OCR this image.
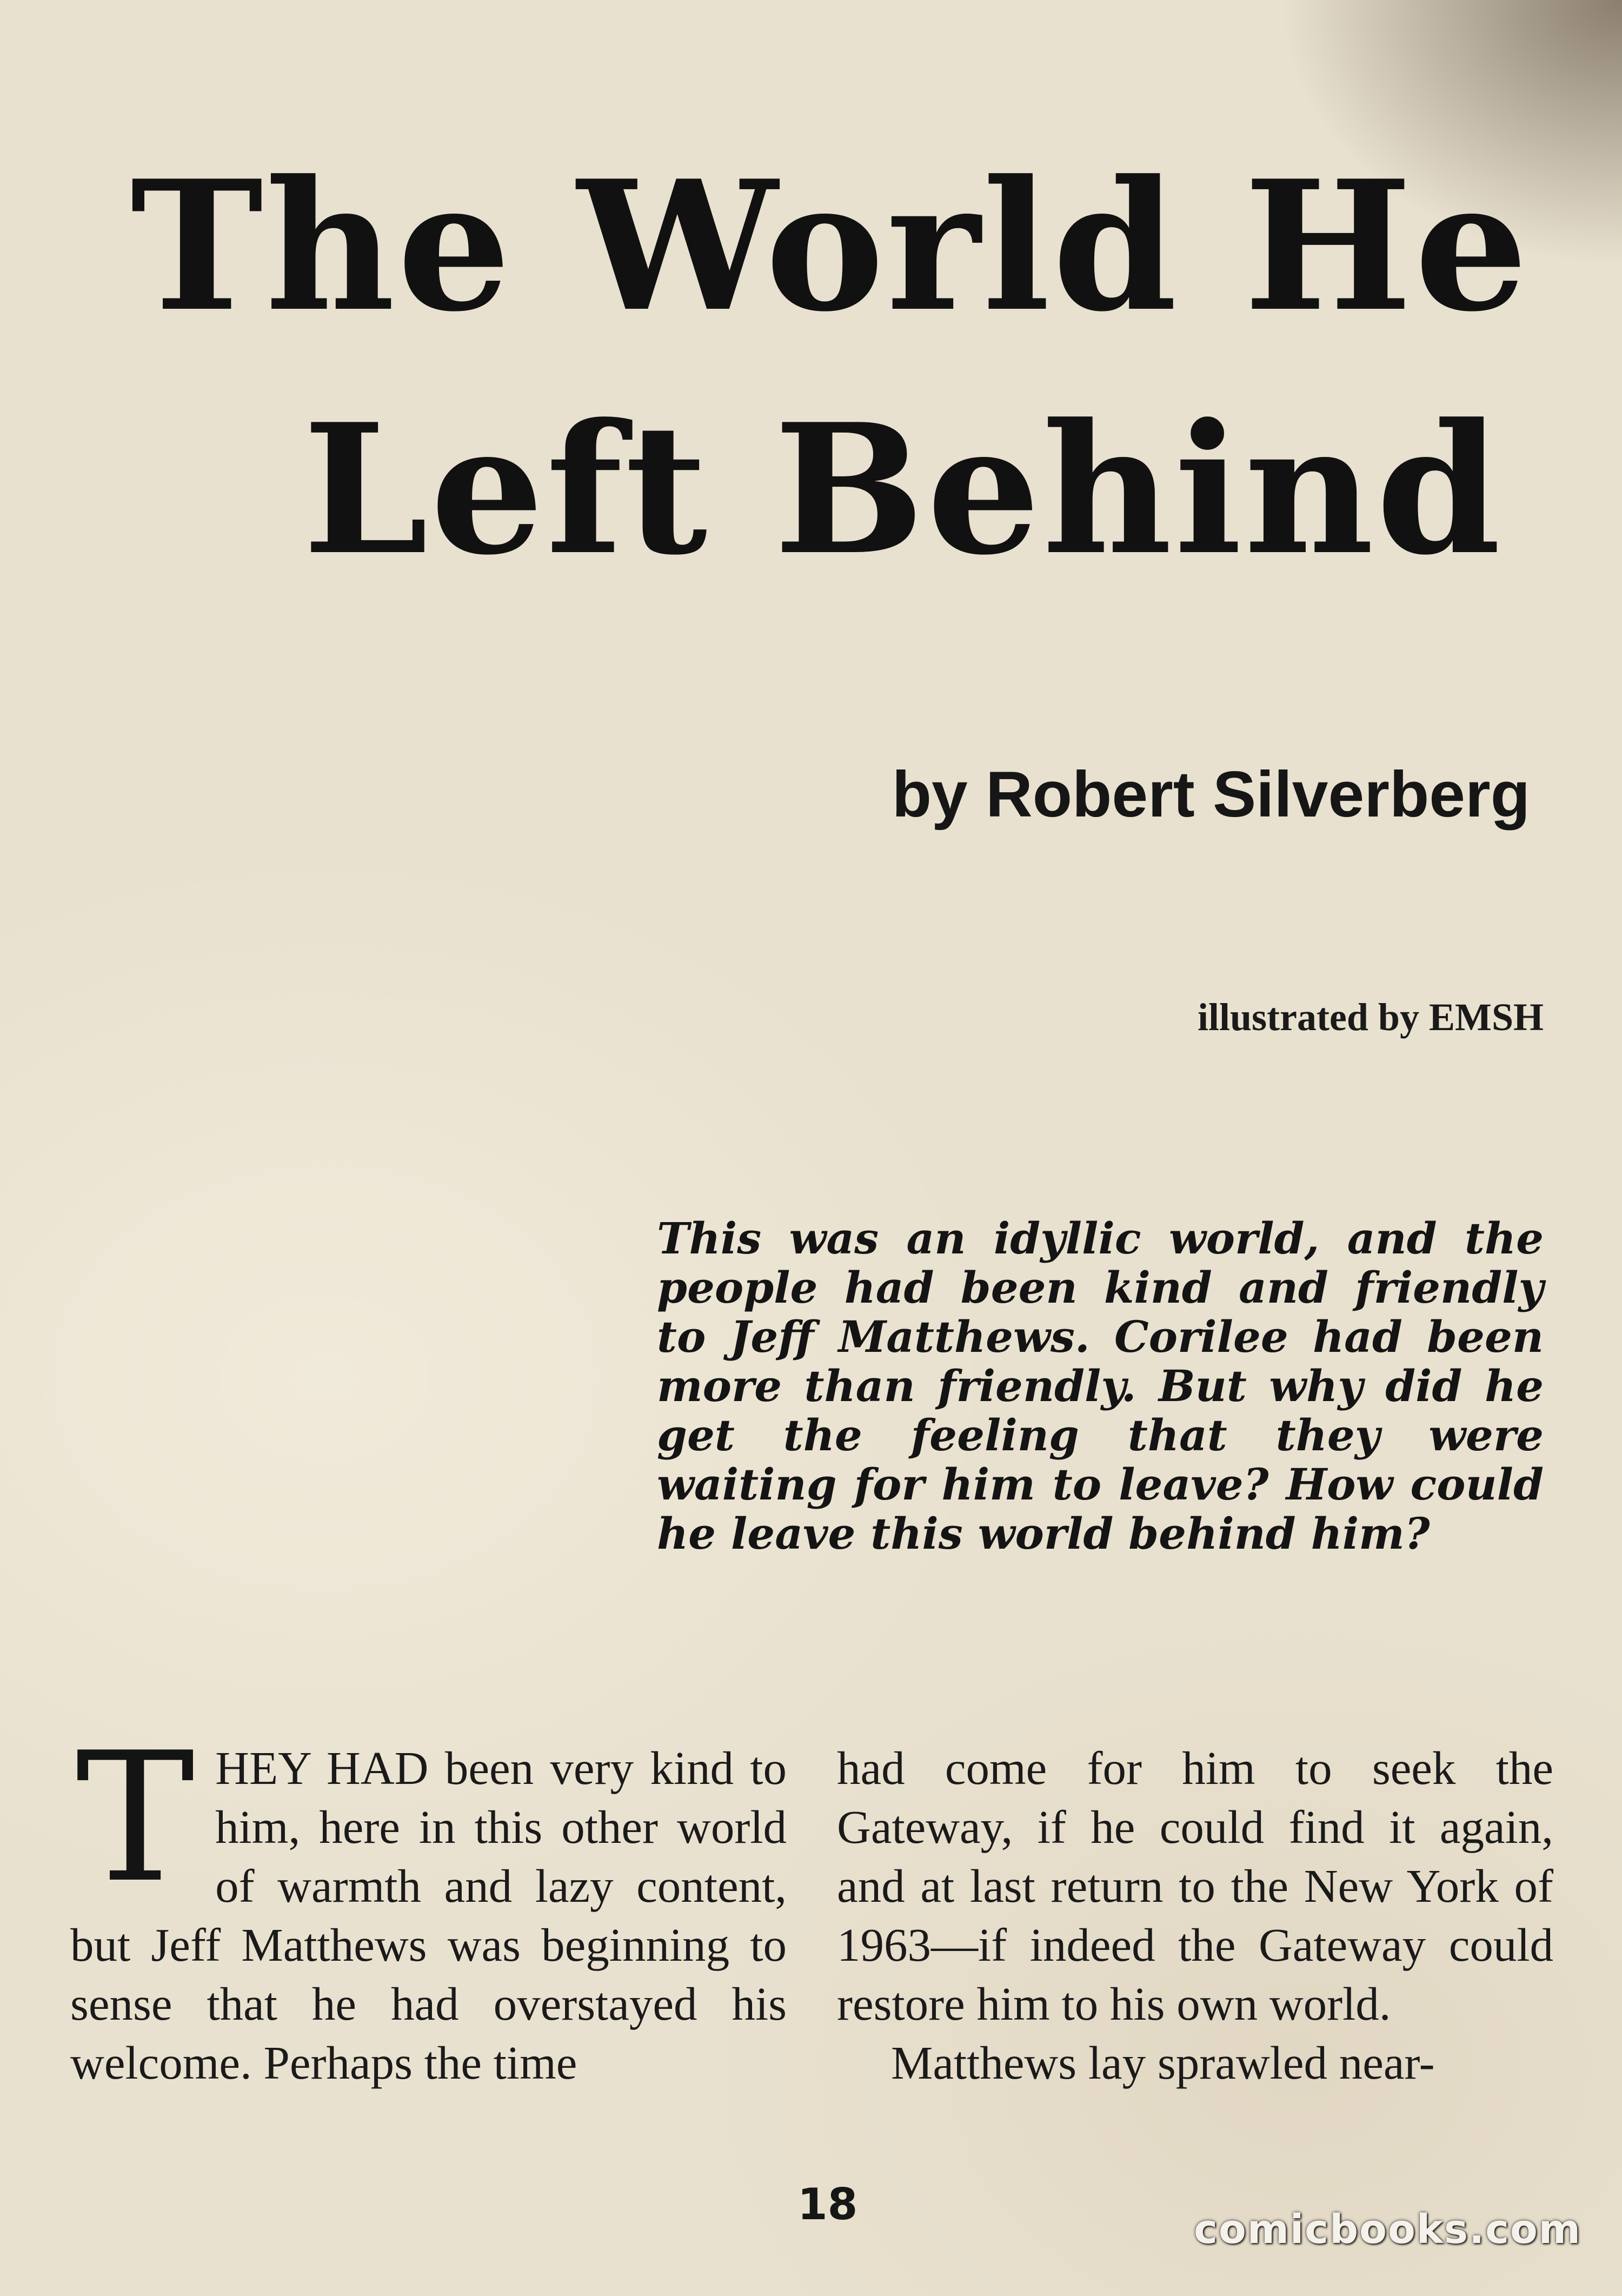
The World He
Left Behind
by Robert Silverberg
illustrated by EMSH

This was an idyllic world, and the people had been kind and friendly to Jeff Matthews. Corilee had been more than friendly. But why did he get the feeling that they were waiting for him to leave? How could he leave this world behind him?

T HEY HAD been very kind to him, here in this other world of warmth and lazy content, but Jeff Matthews was beginning to sense that he had overstayed his welcome. Perhaps the time

had come for him to seek the Gateway, if he could find it again, and at last return to the New York of 1963—if indeed the Gateway could restore him to his own world.

Matthews lay sprawled near-

18	comicbooks.com
